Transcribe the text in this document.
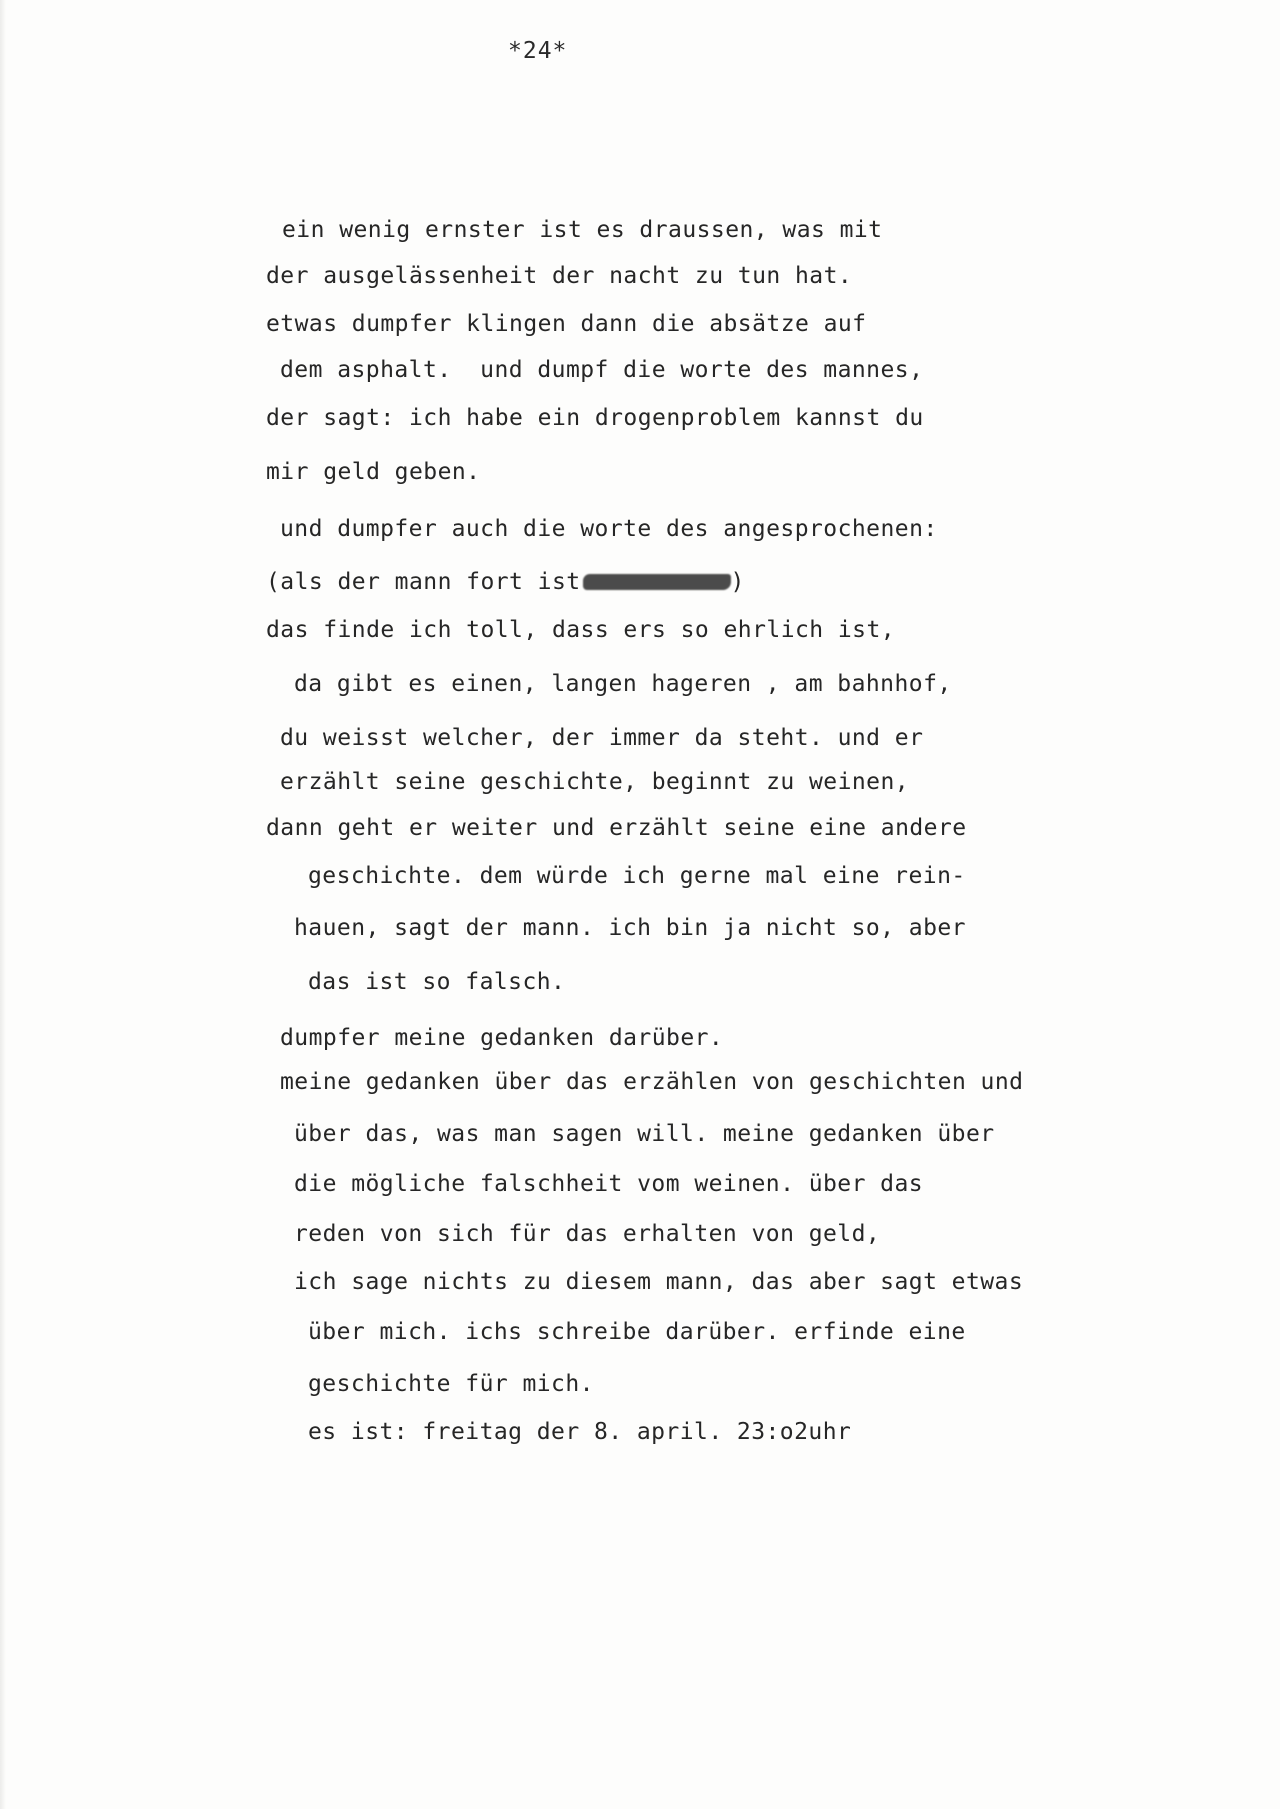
*24*
ein wenig ernster ist es draussen, was mit
der ausgelässenheit der nacht zu tun hat.
etwas dumpfer klingen dann die absätze auf
dem asphalt.  und dumpf die worte des mannes,
der sagt: ich habe ein drogenproblem kannst du
mir geld geben.
und dumpfer auch die worte des angesprochenen:
(als der mann fort ist	)
das finde ich toll, dass ers so ehrlich ist,
da gibt es einen, langen hageren , am bahnhof,
du weisst welcher, der immer da steht. und er
erzählt seine geschichte, beginnt zu weinen,
dann geht er weiter und erzählt seine eine andere
geschichte. dem würde ich gerne mal eine rein-
hauen, sagt der mann. ich bin ja nicht so, aber
das ist so falsch.
dumpfer meine gedanken darüber.
meine gedanken über das erzählen von geschichten und
über das, was man sagen will. meine gedanken über
die mögliche falschheit vom weinen. über das
reden von sich für das erhalten von geld,
ich sage nichts zu diesem mann, das aber sagt etwas
über mich. ichs schreibe darüber. erfinde eine
geschichte für mich.
es ist: freitag der 8. april. 23:o2uhr
